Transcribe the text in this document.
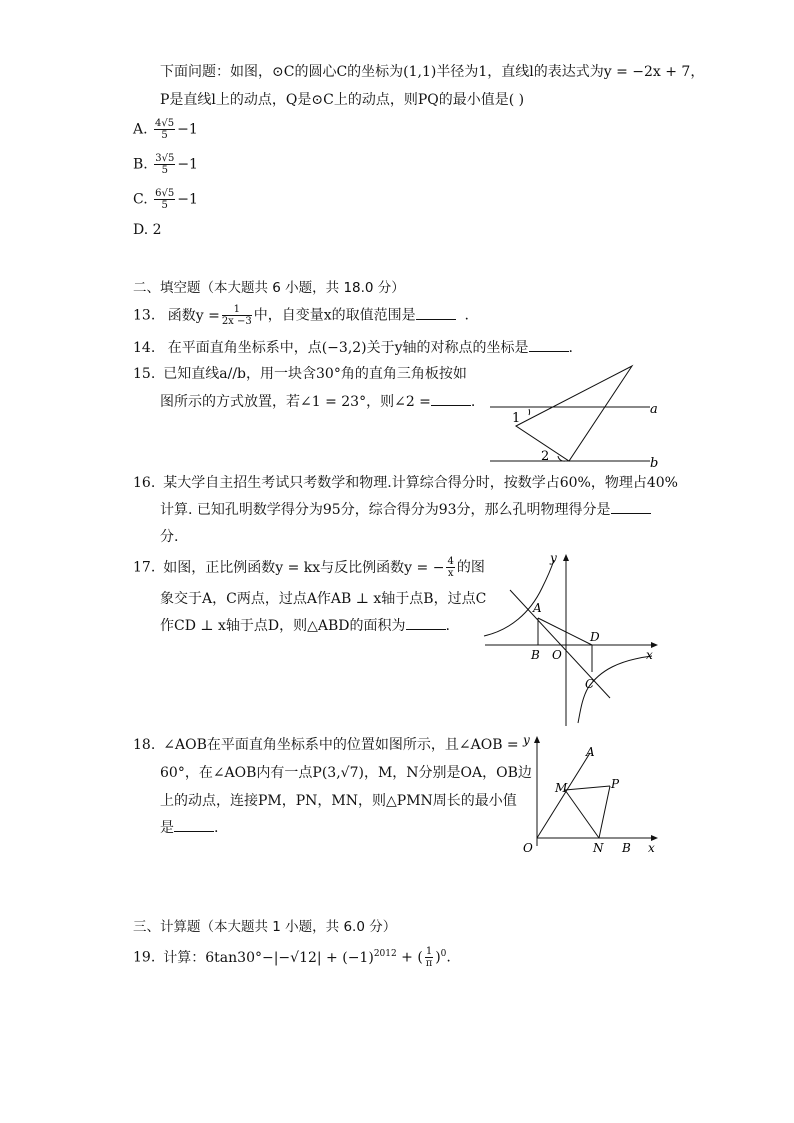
下面问题：如图，⊙C的圆心C的坐标为(1,1)半径为1，直线l的表达式为y = −2x + 7，
P是直线l上的动点，Q是⊙C上的动点，则PQ的最小值是( )
A. $\frac{4√5}{5} -1$
B. $\frac{3√5}{5} -1$
C. $\frac{6√5}{5} -1$
D. 2
二、填空题（本大题共 6 小题，共 18.0 分）
13. 函数$y = \frac{1}{2x -3}$ 中，自变量x的取值范围是	.
14. 在平面直角坐标系中，点(−3,2)关于y轴的对称点的坐标是	.
15. 已知直线a//b，用一块含30°角的直角三角板按如
图所示的方式放置，若∠1 = 23°，则∠2 =	.
1
2
a
b
16. 某大学自主招生考试只考数学和物理.计算综合得分时，按数学占60%，物理占40%
计算. 已知孔明数学得分为95分，综合得分为93分，那么孔明物理得分是
分.
17. 如图，正比例函数y = kx与反比例函数y = − $\frac{4}{x}$ 的图
象交于A，C两点，过点A作AB ⊥ x轴于点B，过点C
作CD ⊥ x轴于点D，则△ABD的面积为	.
y
x
A
B O
D
C
18. ∠AOB在平面直角坐标系中的位置如图所示，且∠AOB =
60°，在∠AOB内有一点P(3,√7)，M，N分别是OA，OB边
上的动点，连接PM，PN，MN，则△PMN周长的最小值
是	.
y
A
M	P
O	N B x
三、计算题（本大题共 1 小题，共 6.0 分）
19. 计算：$6\tan 30^\circ-|-√12| + (-1)^{2012}$ + ( $\frac{1}{\pi} )^0$.
